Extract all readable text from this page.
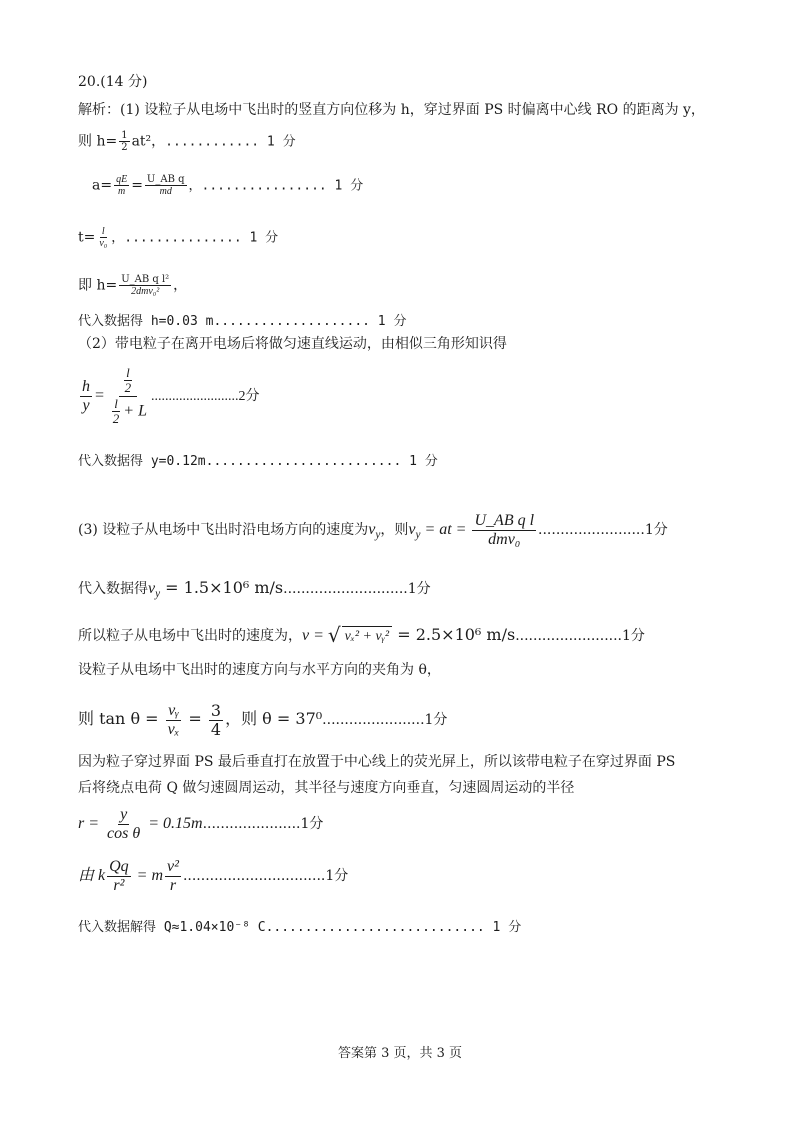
20.(14 分)
解析：(1) 设粒子从电场中飞出时的竖直方向位移为 h，穿过界面 PS 时偏离中心线 RO 的距离为 y，
则 $h= \frac{1}{2} at^2$，............ 1 分
$a= \frac{qE}{m} = \frac{\text{U\_AB q}}{md}$ ，................ 1 分
$t= \frac{l}{\text{v₀}}$ ，............... 1 分
即 $h= \frac{\text{U\_AB q l²}}{\text{2dmv₀²}}$ ，
代入数据得 h=0.03 m.................... 1 分
（2）带电粒子在离开电场后将做匀速直线运动，由相似三角形知识得
$\frac{h}{y} = \frac{\frac{l}{2}}{\frac{l}{2} + L} .........................2$分
代入数据得 y=0.12m......................... 1 分
(3) 设粒子从电场中飞出时沿电场方向的速度为$v_y$，则$v_y$ = at = $\frac{\text{U\_AB q l}}{\text{dmv₀}} ........................1$分
代入数据得$v_y = 1.5\times 10^6$ m/s............................1分
所以粒子从电场中飞出时的速度为，v = √ vₓ² + vᵧ² = 2.5×10⁶ m/s........................1分
设粒子从电场中飞出时的速度方向与水平方向的夹角为 θ，
则 $\tan \theta = \frac{\text{vᵧ}}{\text{vₓ}} = \frac{3}{4}$ ，则 θ = 37⁰.......................1分
因为粒子穿过界面 PS 最后垂直打在放置于中心线上的荧光屏上，所以该带电粒子在穿过界面 PS
后将绕点电荷 Q 做匀速圆周运动，其半径与速度方向垂直，匀速圆周运动的半径
$r = \frac{y}{\text{cos θ}} = 0.15m......................1$分
由 k $\frac{Qq}{\text{r²}} = m \frac{\text{v²}}{r} ................................1$分
代入数据解得 Q≈1.04×10⁻⁸ C............................ 1 分
答案第 3 页，共 3 页
